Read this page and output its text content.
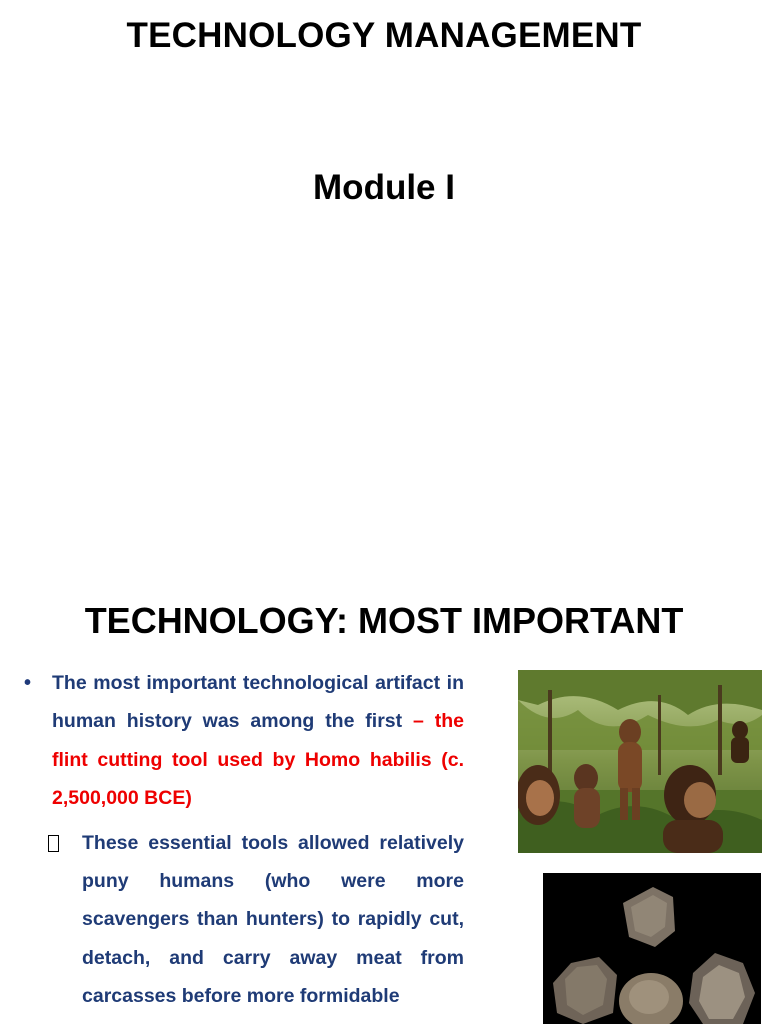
TECHNOLOGY MANAGEMENT
Module I
TECHNOLOGY: MOST IMPORTANT
•	The most important technological artifact in human history was among the first – the flint cutting tool used by Homo habilis (c. 2,500,000 BCE)
These essential tools allowed relatively puny humans (who were more scavengers than hunters) to rapidly cut, detach, and carry away meat from carcasses before more formidable
